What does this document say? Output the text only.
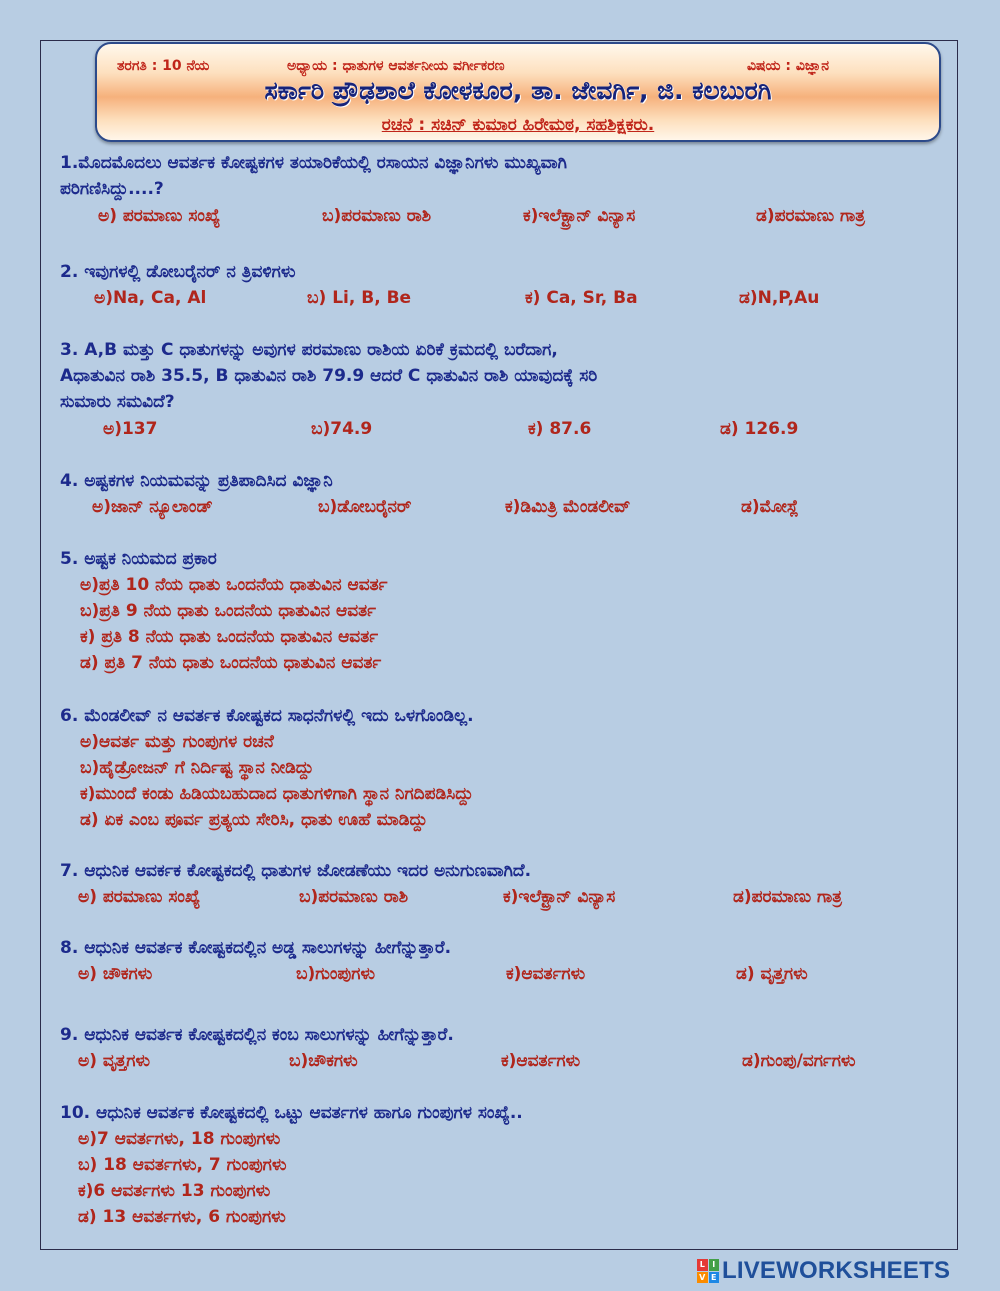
ತರಗತಿ : 10 ನೆಯ	ಅಧ್ಯಾಯ : ಧಾತುಗಳ ಆವರ್ತನೀಯ ವರ್ಗೀಕರಣ	ವಿಷಯ : ವಿಜ್ಞಾನ
ಸರ್ಕಾರಿ ಪ್ರೌಢಶಾಲೆ ಕೋಳಕೂರ, ತಾ. ಜೇವರ್ಗಿ, ಜಿ. ಕಲಬುರಗಿ
ರಚನೆ : ಸಚಿನ್ ಕುಮಾರ ಹಿರೇಮಠ, ಸಹಶಿಕ್ಷಕರು.
1.ಮೊದಮೊದಲು ಆವರ್ತಕ ಕೋಷ್ಟಕಗಳ ತಯಾರಿಕೆಯಲ್ಲಿ ರಸಾಯನ ವಿಜ್ಞಾನಿಗಳು ಮುಖ್ಯವಾಗಿ
ಪರಿಗಣಿಸಿದ್ದು....?
ಅ) ಪರಮಾಣು ಸಂಖ್ಯೆ	ಬ)ಪರಮಾಣು ರಾಶಿ	ಕ)ಇಲೆಕ್ಟ್ರಾನ್ ವಿನ್ಯಾಸ	ಡ)ಪರಮಾಣು ಗಾತ್ರ
2. ಇವುಗಳಲ್ಲಿ ಡೋಬರೈನರ್ ನ ತ್ರಿವಳಿಗಳು
ಅ)Na, Ca, Al	ಬ) Li, B, Be	ಕ) Ca, Sr, Ba	ಡ)N,P,Au
3. A,B ಮತ್ತು C ಧಾತುಗಳನ್ನು ಅವುಗಳ ಪರಮಾಣು ರಾಶಿಯ ಏರಿಕೆ ಕ್ರಮದಲ್ಲಿ ಬರೆದಾಗ,
Aಧಾತುವಿನ ರಾಶಿ 35.5, B ಧಾತುವಿನ ರಾಶಿ 79.9 ಆದರೆ C ಧಾತುವಿನ ರಾಶಿ ಯಾವುದಕ್ಕೆ ಸರಿ
ಸುಮಾರು ಸಮವಿದೆ?
ಅ)137	ಬ)74.9	ಕ) 87.6	ಡ) 126.9
4. ಅಷ್ಟಕಗಳ ನಿಯಮವನ್ನು ಪ್ರತಿಪಾದಿಸಿದ ವಿಜ್ಞಾನಿ
ಅ)ಜಾನ್ ನ್ಯೂಲಾಂಡ್	ಬ)ಡೋಬರೈನರ್	ಕ)ಡಿಮಿತ್ರಿ ಮೆಂಡಲೀವ್	ಡ)ಮೋಸ್ಲೆ
5. ಅಷ್ಟಕ ನಿಯಮದ ಪ್ರಕಾರ
ಅ)ಪ್ರತಿ 10 ನೆಯ ಧಾತು ಒಂದನೆಯ ಧಾತುವಿನ ಆವರ್ತ
ಬ)ಪ್ರತಿ 9 ನೆಯ ಧಾತು ಒಂದನೆಯ ಧಾತುವಿನ ಆವರ್ತ
ಕ) ಪ್ರತಿ 8 ನೆಯ ಧಾತು ಒಂದನೆಯ ಧಾತುವಿನ ಆವರ್ತ
ಡ) ಪ್ರತಿ 7 ನೆಯ ಧಾತು ಒಂದನೆಯ ಧಾತುವಿನ ಆವರ್ತ
6. ಮೆಂಡಲೀವ್ ನ ಆವರ್ತಕ ಕೋಷ್ಟಕದ ಸಾಧನೆಗಳಲ್ಲಿ ಇದು ಒಳಗೊಂಡಿಲ್ಲ.
ಅ)ಆವರ್ತ ಮತ್ತು ಗುಂಪುಗಳ ರಚನೆ
ಬ)ಹೈಡ್ರೋಜನ್ ಗೆ ನಿರ್ದಿಷ್ಟ ಸ್ಥಾನ ನೀಡಿದ್ದು
ಕ)ಮುಂದೆ ಕಂಡು ಹಿಡಿಯಬಹುದಾದ ಧಾತುಗಳಿಗಾಗಿ ಸ್ಥಾನ ನಿಗದಿಪಡಿಸಿದ್ದು
ಡ) ಏಕ ಎಂಬ ಪೂರ್ವ ಪ್ರತ್ಯಯ ಸೇರಿಸಿ, ಧಾತು ಊಹೆ ಮಾಡಿದ್ದು
7. ಆಧುನಿಕ ಆವರ್ಕಕ ಕೋಷ್ಟಕದಲ್ಲಿ ಧಾತುಗಳ ಜೋಡಣೆಯು ಇದರ ಅನುಗುಣವಾಗಿದೆ.
ಅ) ಪರಮಾಣು ಸಂಖ್ಯೆ	ಬ)ಪರಮಾಣು ರಾಶಿ	ಕ)ಇಲೆಕ್ಟ್ರಾನ್ ವಿನ್ಯಾಸ	ಡ)ಪರಮಾಣು ಗಾತ್ರ
8. ಆಧುನಿಕ ಆವರ್ತಕ ಕೋಷ್ಟಕದಲ್ಲಿನ ಅಡ್ಡ ಸಾಲುಗಳನ್ನು ಹೀಗೆನ್ನುತ್ತಾರೆ.
ಅ) ಚೌಕಗಳು	ಬ)ಗುಂಪುಗಳು	ಕ)ಆವರ್ತಗಳು	ಡ) ವೃತ್ತಗಳು
9. ಆಧುನಿಕ ಆವರ್ತಕ ಕೋಷ್ಟಕದಲ್ಲಿನ ಕಂಬ ಸಾಲುಗಳನ್ನು ಹೀಗೆನ್ನುತ್ತಾರೆ.
ಅ) ವೃತ್ತಗಳು	ಬ)ಚೌಕಗಳು	ಕ)ಆವರ್ತಗಳು	ಡ)ಗುಂಪು/ವರ್ಗಗಳು
10. ಆಧುನಿಕ ಆವರ್ತಕ ಕೋಷ್ಟಕದಲ್ಲಿ ಒಟ್ಟು ಆವರ್ತಗಳ ಹಾಗೂ ಗುಂಪುಗಳ ಸಂಖ್ಯೆ..
ಅ)7 ಆವರ್ತಗಳು, 18 ಗುಂಪುಗಳು
ಬ) 18 ಆವರ್ತಗಳು, 7 ಗುಂಪುಗಳು
ಕ)6 ಆವರ್ತಗಳು 13 ಗುಂಪುಗಳು
ಡ) 13 ಆವರ್ತಗಳು, 6 ಗುಂಪುಗಳು
L I
V E LIVEWORKSHEETS
